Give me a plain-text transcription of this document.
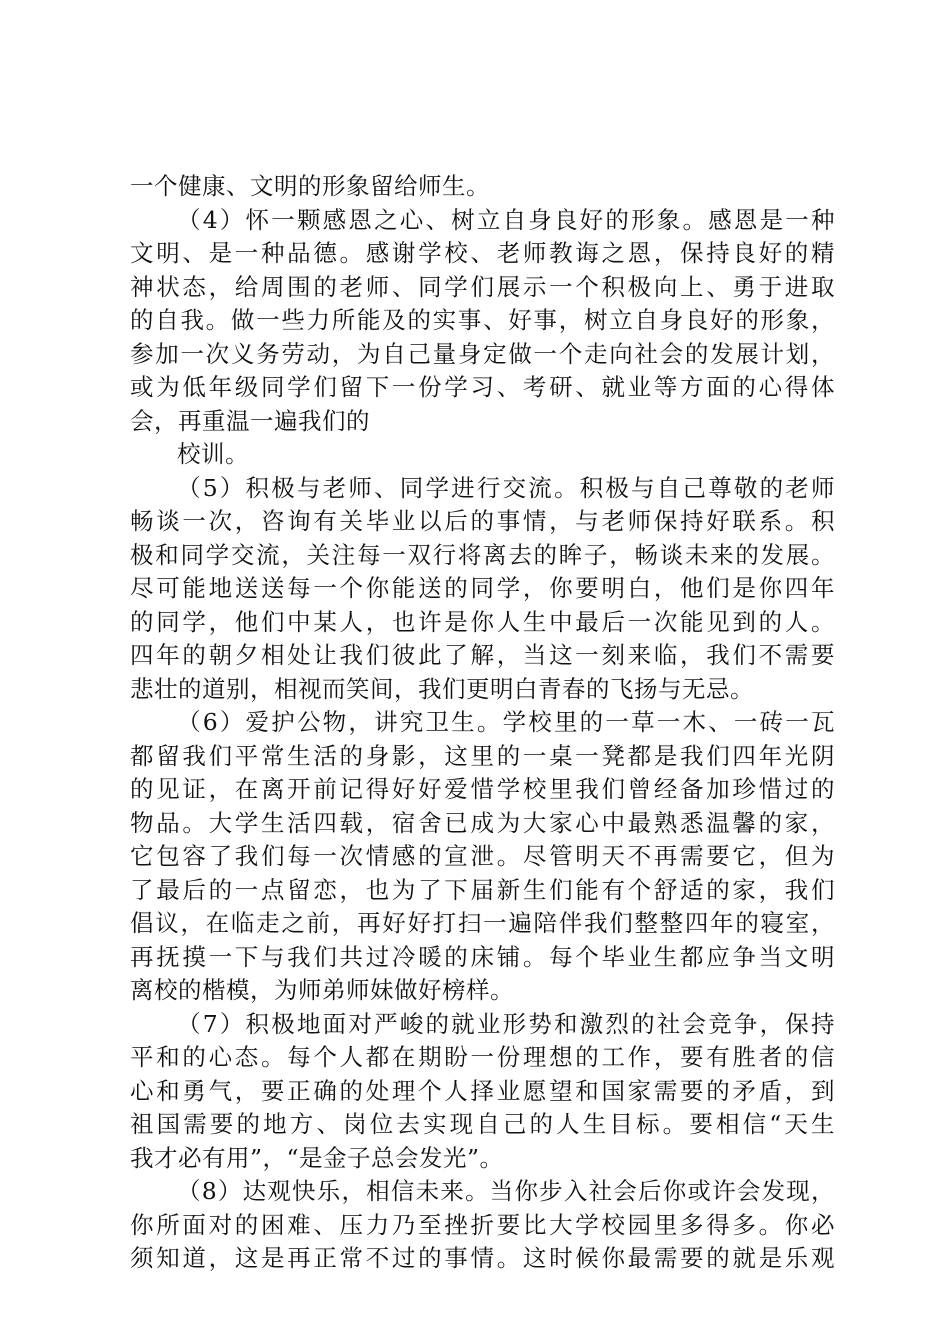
一个健康、文明的形象留给师生。
（4）怀一颗感恩之心、树立自身良好的形象。感恩是一种
文明、是一种品德。感谢学校、老师教诲之恩，保持良好的精
神状态，给周围的老师、同学们展示一个积极向上、勇于进取
的自我。做一些力所能及的实事、好事，树立自身良好的形象，
参加一次义务劳动，为自己量身定做一个走向社会的发展计划，
或为低年级同学们留下一份学习、考研、就业等方面的心得体
会，再重温一遍我们的
校训。
（5）积极与老师、同学进行交流。积极与自己尊敬的老师
畅谈一次，咨询有关毕业以后的事情，与老师保持好联系。积
极和同学交流，关注每一双行将离去的眸子，畅谈未来的发展。
尽可能地送送每一个你能送的同学，你要明白，他们是你四年
的同学，他们中某人，也许是你人生中最后一次能见到的人。
四年的朝夕相处让我们彼此了解，当这一刻来临，我们不需要
悲壮的道别，相视而笑间，我们更明白青春的飞扬与无忌。
（6）爱护公物，讲究卫生。学校里的一草一木、一砖一瓦
都留我们平常生活的身影，这里的一桌一凳都是我们四年光阴
的见证，在离开前记得好好爱惜学校里我们曾经备加珍惜过的
物品。大学生活四载，宿舍已成为大家心中最熟悉温馨的家，
它包容了我们每一次情感的宣泄。尽管明天不再需要它，但为
了最后的一点留恋，也为了下届新生们能有个舒适的家，我们
倡议，在临走之前，再好好打扫一遍陪伴我们整整四年的寝室，
再抚摸一下与我们共过冷暖的床铺。每个毕业生都应争当文明
离校的楷模，为师弟师妹做好榜样。
（7）积极地面对严峻的就业形势和激烈的社会竞争，保持
平和的心态。每个人都在期盼一份理想的工作，要有胜者的信
心和勇气，要正确的处理个人择业愿望和国家需要的矛盾，到
祖国需要的地方、岗位去实现自己的人生目标。要相信“天生
我才必有用”，“是金子总会发光”。
（8）达观快乐，相信未来。当你步入社会后你或许会发现，
你所面对的困难、压力乃至挫折要比大学校园里多得多。你必
须知道，这是再正常不过的事情。这时候你最需要的就是乐观
